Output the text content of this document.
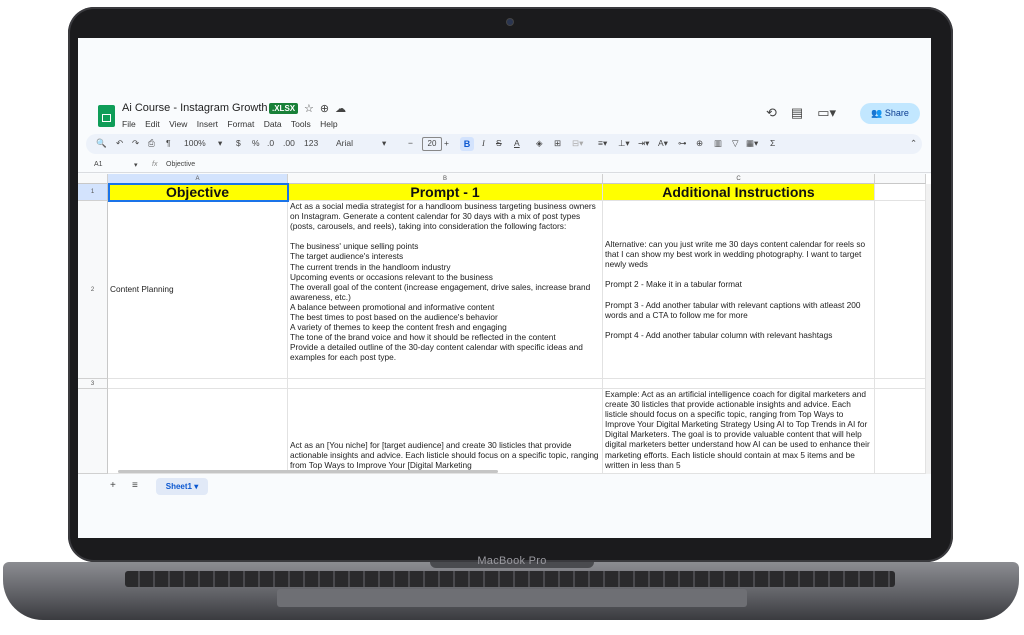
Ai Course - Instagram Growth .XLSX ☆⊕☁
File Edit View Insert Format Data Tools Help
⟲ ▤ ▭▾	👥 Share
🔍 ↶ ↷ ⎙ ¶ 100% ▾ $ % .0 .00 123 Arial	▾	−	20 +	B	I S A ◈ ⊞ ⊟▾ ≡▾ ⊥▾ ⇥▾ A▾ ⊶ ⊕ ▥ ▽ ▦▾ Σ	⌃
A1	▾ fx Objective
A	B	C
1
2
3
Objective	Prompt - 1	Additional Instructions
Content Planning
Act as a social media strategist for a handloom business targeting business owners on Instagram. Generate a content calendar for 30 days with a mix of post types (posts, carousels, and reels), taking into consideration the following factors:

The business' unique selling points
The target audience's interests
The current trends in the handloom industry
Upcoming events or occasions relevant to the business
The overall goal of the content (increase engagement, drive sales, increase brand awareness, etc.)
A balance between promotional and informative content
The best times to post based on the audience's behavior
A variety of themes to keep the content fresh and engaging
The tone of the brand voice and how it should be reflected in the content
Provide a detailed outline of the 30-day content calendar with specific ideas and examples for each post type.
Alternative: can you just write me 30 days content calendar for reels so that I can show my best work in wedding photography. I want to target newly weds

Prompt 2 - Make it in a tabular format

Prompt 3 - Add another tabular with relevant captions with atleast 200 words and a CTA to follow me for more

Prompt 4 - Add another tabular column with relevant hashtags
Act as an [You niche] for [target audience] and create 30 listicles that provide actionable insights and advice. Each listicle should focus on a specific topic, ranging from Top Ways to Improve Your [Digital Marketing
Example: Act as an artificial intelligence coach for digital marketers and create 30 listicles that provide actionable insights and advice. Each listicle should focus on a specific topic, ranging from Top Ways to Improve Your Digital Marketing Strategy Using AI to Top Trends in AI for Digital Marketers. The goal is to provide valuable content that will help digital marketers better understand how AI can be used to enhance their marketing efforts. Each listicle should contain at max 5 items and be written in less than 5
+ ≡	Sheet1 ▾
MacBook Pro
